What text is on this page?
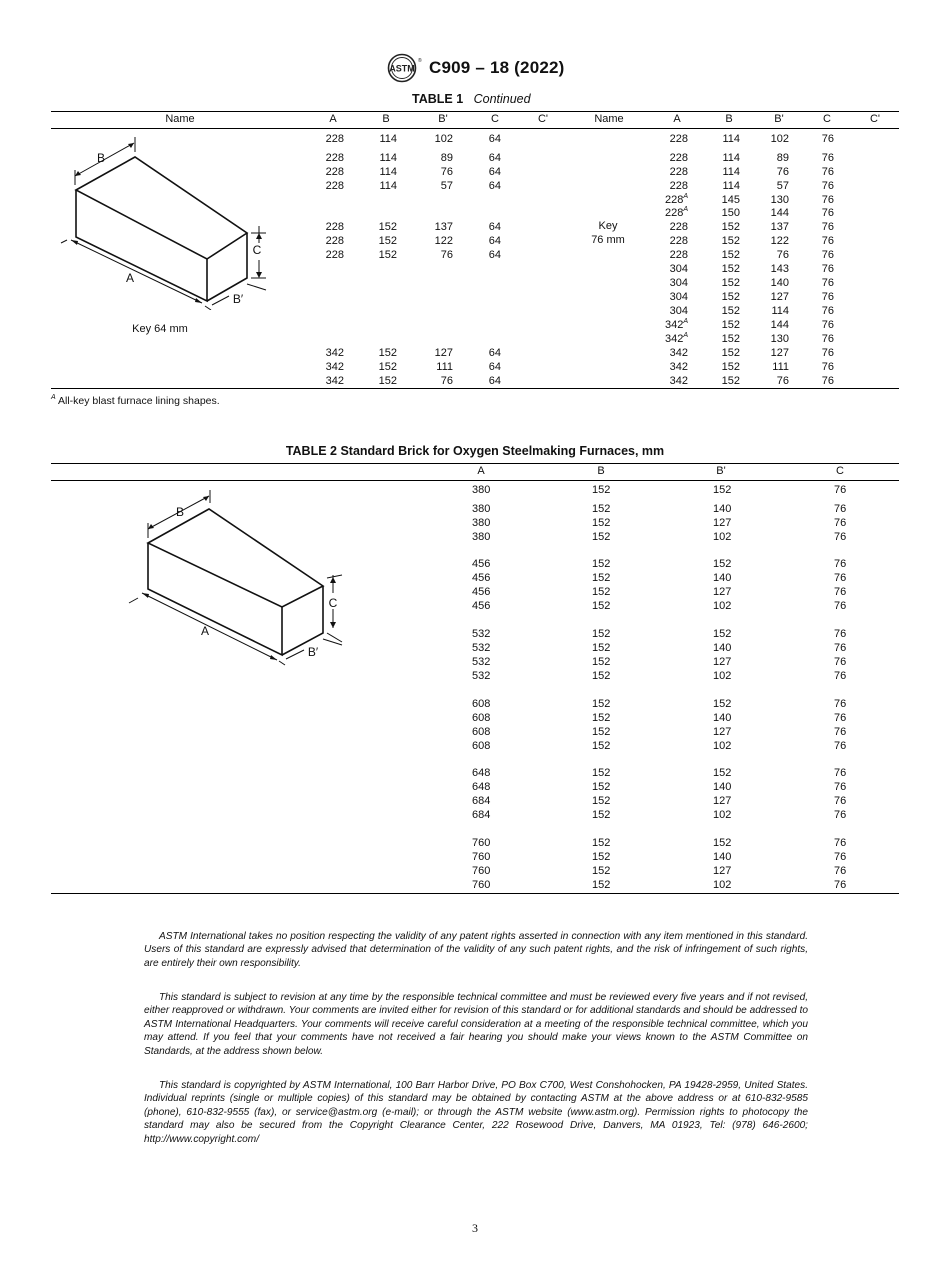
ASTM
® C909 – 18 (2022)
TABLE 1 Continued
Name	A	B	B'	C	C'	Name	A	B	B'	C	C'
B
A
C
B′
Key 64 mm
Key
76 mm
228	114	102	64
228	114	89	64
228	114	76	64
228	114	57	64
228	152	137	64
228	152	122	64
228	152	76	64
342	152	127	64
342	152	111	64
342	152	76	64
228	114	102	76
228	114	89	76
228	114	76	76
228	114	57	76
$228^A$	145	130	76
$228^A$	150	144	76
228	152	137	76
228	152	122	76
228	152	76	76
304	152	143	76
304	152	140	76
304	152	127	76
304	152	114	76
$342^A$	152	144	76
$342^A$	152	130	76
342	152	127	76
342	152	111	76
342	152	76	76
$^A$ All-key blast furnace lining shapes.
TABLE 2 Standard Brick for Oxygen Steelmaking Furnaces, mm
A	B	B'	C
B
A
C
B′
380	152	152	76
380	152	140	76
380	152	127	76
380	152	102	76
456	152	152	76
456	152	140	76
456	152	127	76
456	152	102	76
532	152	152	76
532	152	140	76
532	152	127	76
532	152	102	76
608	152	152	76
608	152	140	76
608	152	127	76
608	152	102	76
648	152	152	76
648	152	140	76
684	152	127	76
684	152	102	76
760	152	152	76
760	152	140	76
760	152	127	76
760	152	102	76

ASTM International takes no position respecting the validity of any patent rights asserted in connection with any item mentioned in this standard. Users of this standard are expressly advised that determination of the validity of any such patent rights, and the risk of infringement of such rights, are entirely their own responsibility.

This standard is subject to revision at any time by the responsible technical committee and must be reviewed every five years and if not revised, either reapproved or withdrawn. Your comments are invited either for revision of this standard or for additional standards and should be addressed to ASTM International Headquarters. Your comments will receive careful consideration at a meeting of the responsible technical committee, which you may attend. If you feel that your comments have not received a fair hearing you should make your views known to the ASTM Committee on Standards, at the address shown below.

This standard is copyrighted by ASTM International, 100 Barr Harbor Drive, PO Box C700, West Conshohocken, PA 19428-2959, United States. Individual reprints (single or multiple copies) of this standard may be obtained by contacting ASTM at the above address or at 610-832-9585 (phone), 610-832-9555 (fax), or service@astm.org (e-mail); or through the ASTM website (www.astm.org). Permission rights to photocopy the standard may also be secured from the Copyright Clearance Center, 222 Rosewood Drive, Danvers, MA 01923, Tel: (978) 646-2600; http://www.copyright.com/

3
